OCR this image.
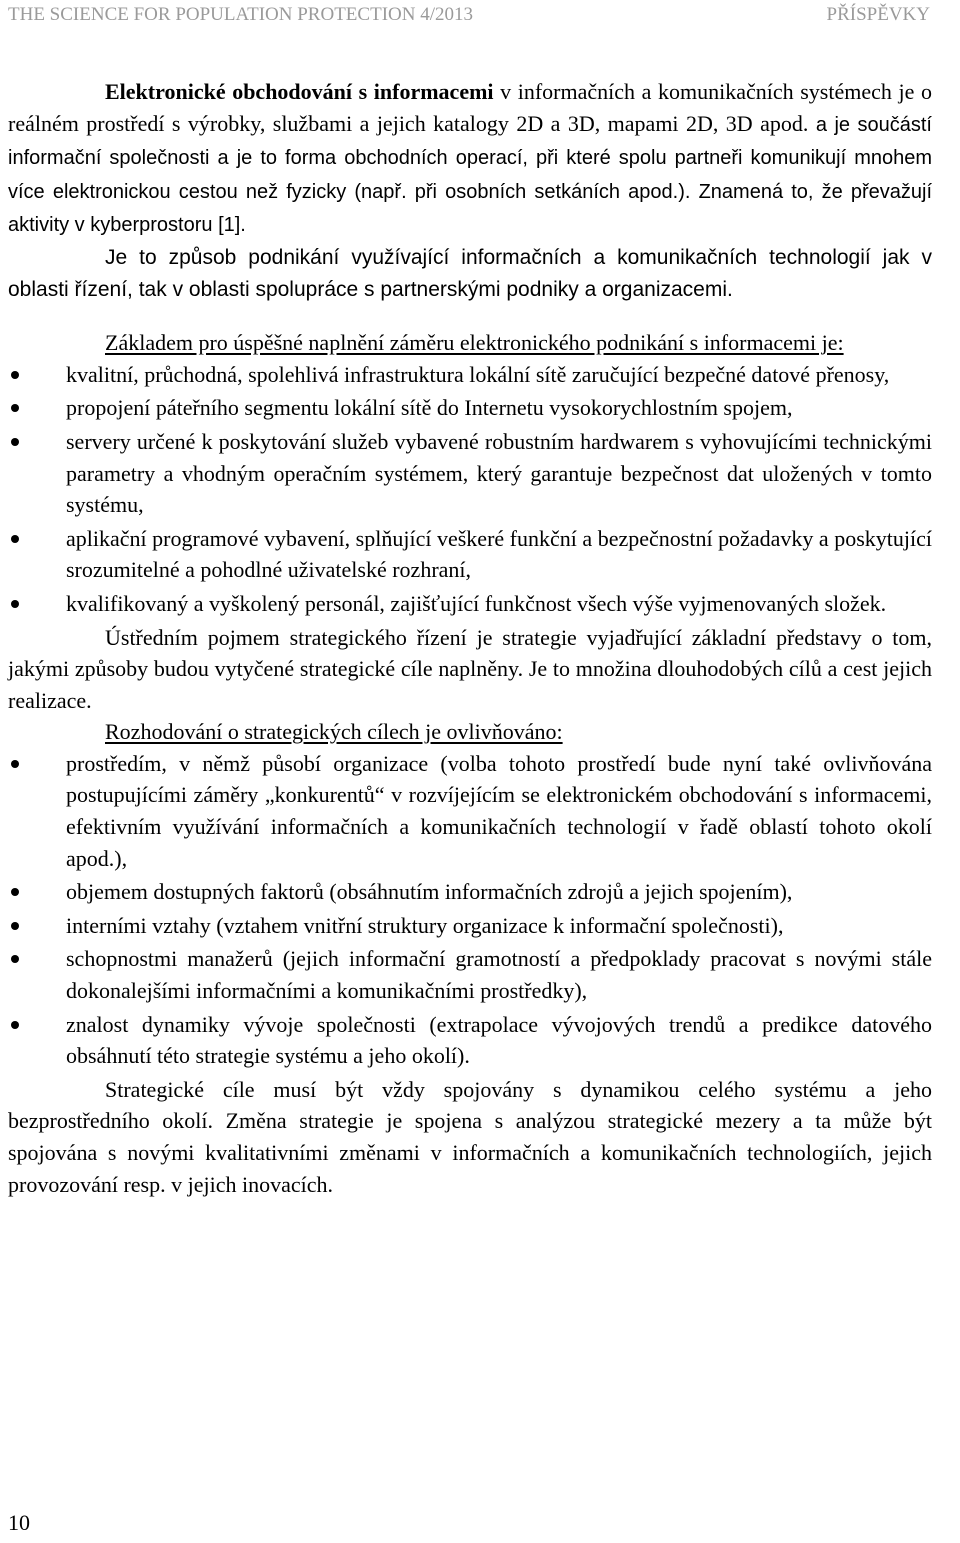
THE SCIENCE FOR POPULATION PROTECTION 4/2013	PŘÍSPĚVKY

Elektronické obchodování s informacemi v informačních a komunikačních systémech je o reálném prostředí s výrobky, službami a jejich katalogy 2D a 3D, mapami 2D, 3D apod. a je součástí informační společnosti a je to forma obchodních operací, při které spolu partneři komunikují mnohem více elektronickou cestou než fyzicky (např. při osobních setkáních apod.). Znamená to, že převažují aktivity v kyberprostoru [1].

Je to způsob podnikání využívající informačních a komunikačních technologií jak v oblasti řízení, tak v oblasti spolupráce s partnerskými podniky a organizacemi.

Základem pro úspěšné naplnění záměru elektronického podnikání s informacemi je:

kvalitní, průchodná, spolehlivá infrastruktura lokální sítě zaručující bezpečné datové přenosy,
propojení páteřního segmentu lokální sítě do Internetu vysokorychlostním spojem,
servery určené k poskytování služeb vybavené robustním hardwarem s vyhovujícími technickými parametry a vhodným operačním systémem, který garantuje bezpečnost dat uložených v tomto systému,
aplikační programové vybavení, splňující veškeré funkční a bezpečnostní požadavky a poskytující srozumitelné a pohodlné uživatelské rozhraní,
kvalifikovaný a vyškolený personál, zajišťující funkčnost všech výše vyjmenovaných složek.

Ústředním pojmem strategického řízení je strategie vyjadřující základní představy o tom, jakými způsoby budou vytyčené strategické cíle naplněny. Je to množina dlouhodobých cílů a cest jejich realizace.

Rozhodování o strategických cílech je ovlivňováno:

prostředím, v němž působí organizace (volba tohoto prostředí bude nyní také ovlivňována postupujícími záměry „konkurentů“ v rozvíjejícím se elektronickém obchodování s informacemi, efektivním využívání informačních a komunikačních technologií v řadě oblastí tohoto okolí apod.),
objemem dostupných faktorů (obsáhnutím informačních zdrojů a jejich spojením),
interními vztahy (vztahem vnitřní struktury organizace k informační společnosti),
schopnostmi manažerů (jejich informační gramotností a předpoklady pracovat s novými stále dokonalejšími informačními a komunikačními prostředky),
znalost dynamiky vývoje společnosti (extrapolace vývojových trendů a predikce datového obsáhnutí této strategie systému a jeho okolí).

Strategické cíle musí být vždy spojovány s dynamikou celého systému a jeho bezprostředního okolí. Změna strategie je spojena s analýzou strategické mezery a ta může být spojována s novými kvalitativními změnami v informačních a komunikačních technologiích, jejich provozování resp. v jejich inovacích.

10
